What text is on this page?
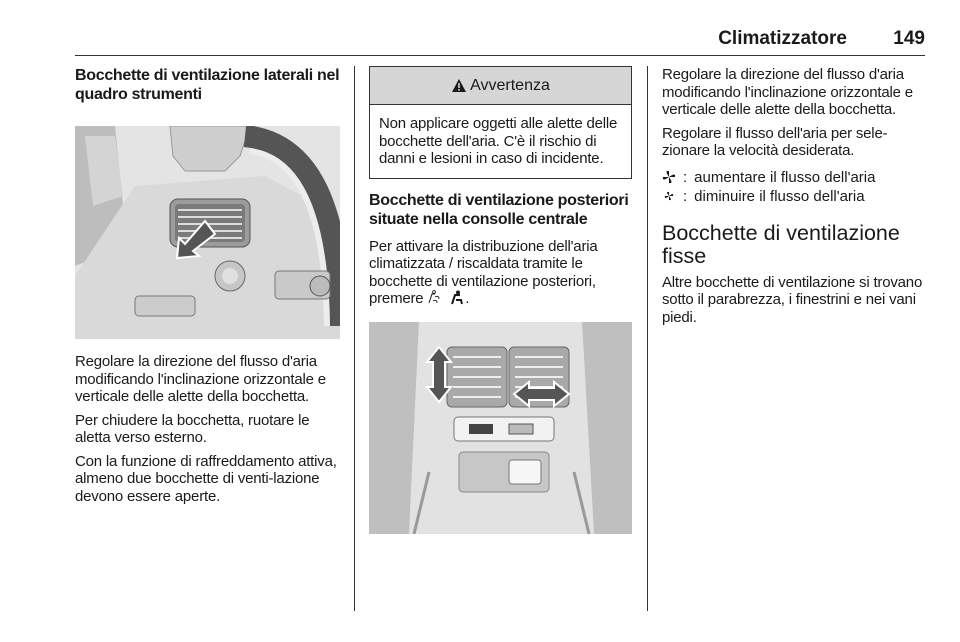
Climatizzatore 149
Bocchette di ventilazione laterali nel quadro strumenti
Regolare la direzione del flusso d'aria modificando l'inclinazione orizzontale e verticale delle alette della bocchetta.
Per chiudere la bocchetta, ruotare le aletta verso esterno.
Con la funzione di raffreddamento attiva, almeno due bocchette di venti-lazione devono essere aperte.
Avvertenza
Non applicare oggetti alle alette delle bocchette dell'aria. C'è il rischio di danni e lesioni in caso di incidente.
Bocchette di ventilazione posteriori situate nella consolle centrale
Per attivare la distribuzione dell'aria climatizzata / riscaldata tramite le bocchette di ventilazione posteriori, premere	.
Regolare la direzione del flusso d'aria modificando l'inclinazione orizzontale e verticale delle alette della bocchetta.
Regolare il flusso dell'aria per sele-zionare la velocità desiderata.
: aumentare il flusso dell'aria
: diminuire il flusso dell'aria
Bocchette di ventilazione fisse
Altre bocchette di ventilazione si trovano sotto il parabrezza, i finestrini e nei vani piedi.
